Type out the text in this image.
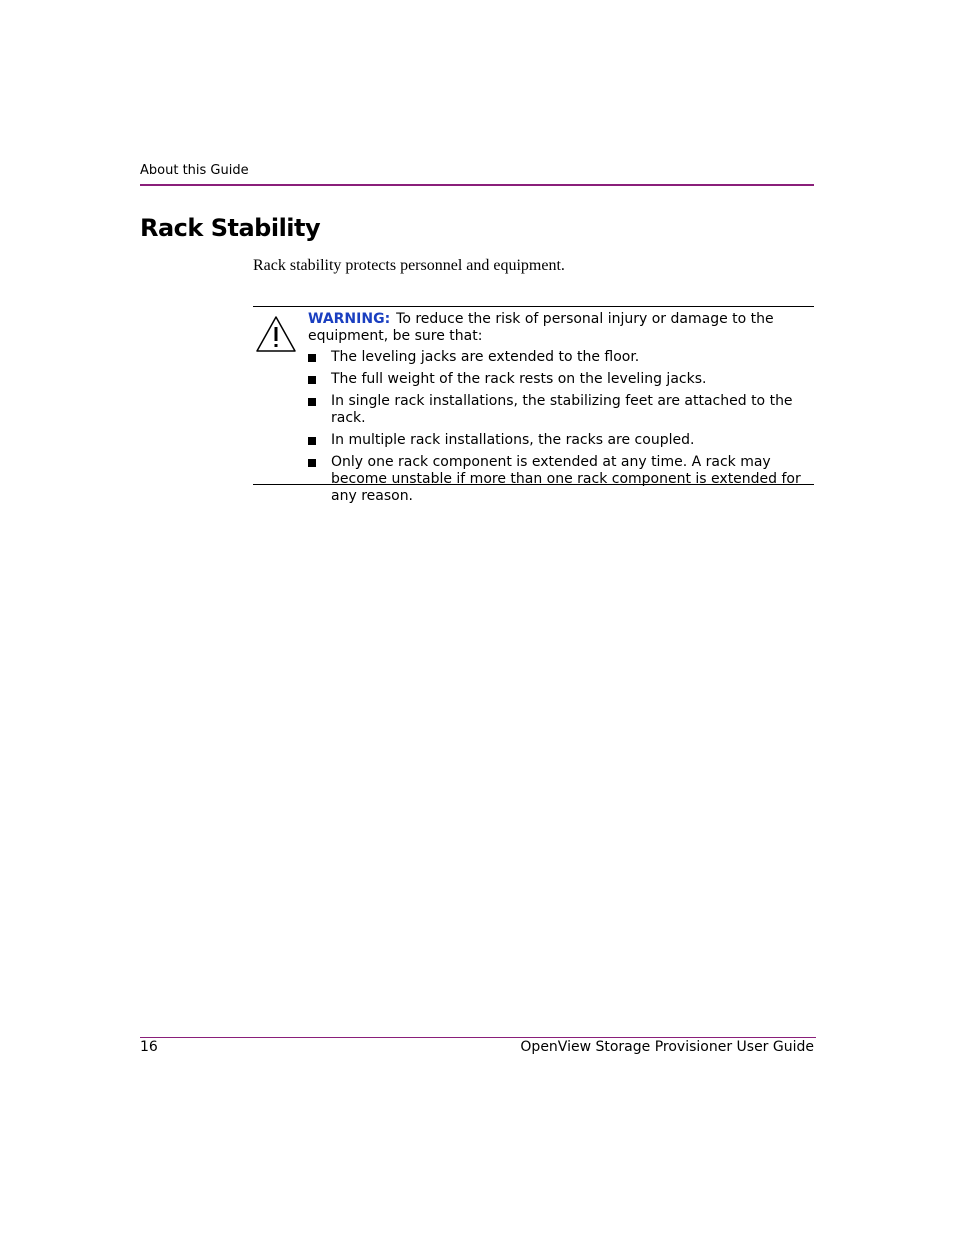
About this Guide
Rack Stability
Rack stability protects personnel and equipment.
WARNING: To reduce the risk of personal injury or damage to the equipment, be sure that:
The leveling jacks are extended to the floor.
The full weight of the rack rests on the leveling jacks.
In single rack installations, the stabilizing feet are attached to the rack.
In multiple rack installations, the racks are coupled.
Only one rack component is extended at any time. A rack may become unstable if more than one rack component is extended for any reason.
16	OpenView Storage Provisioner User Guide
